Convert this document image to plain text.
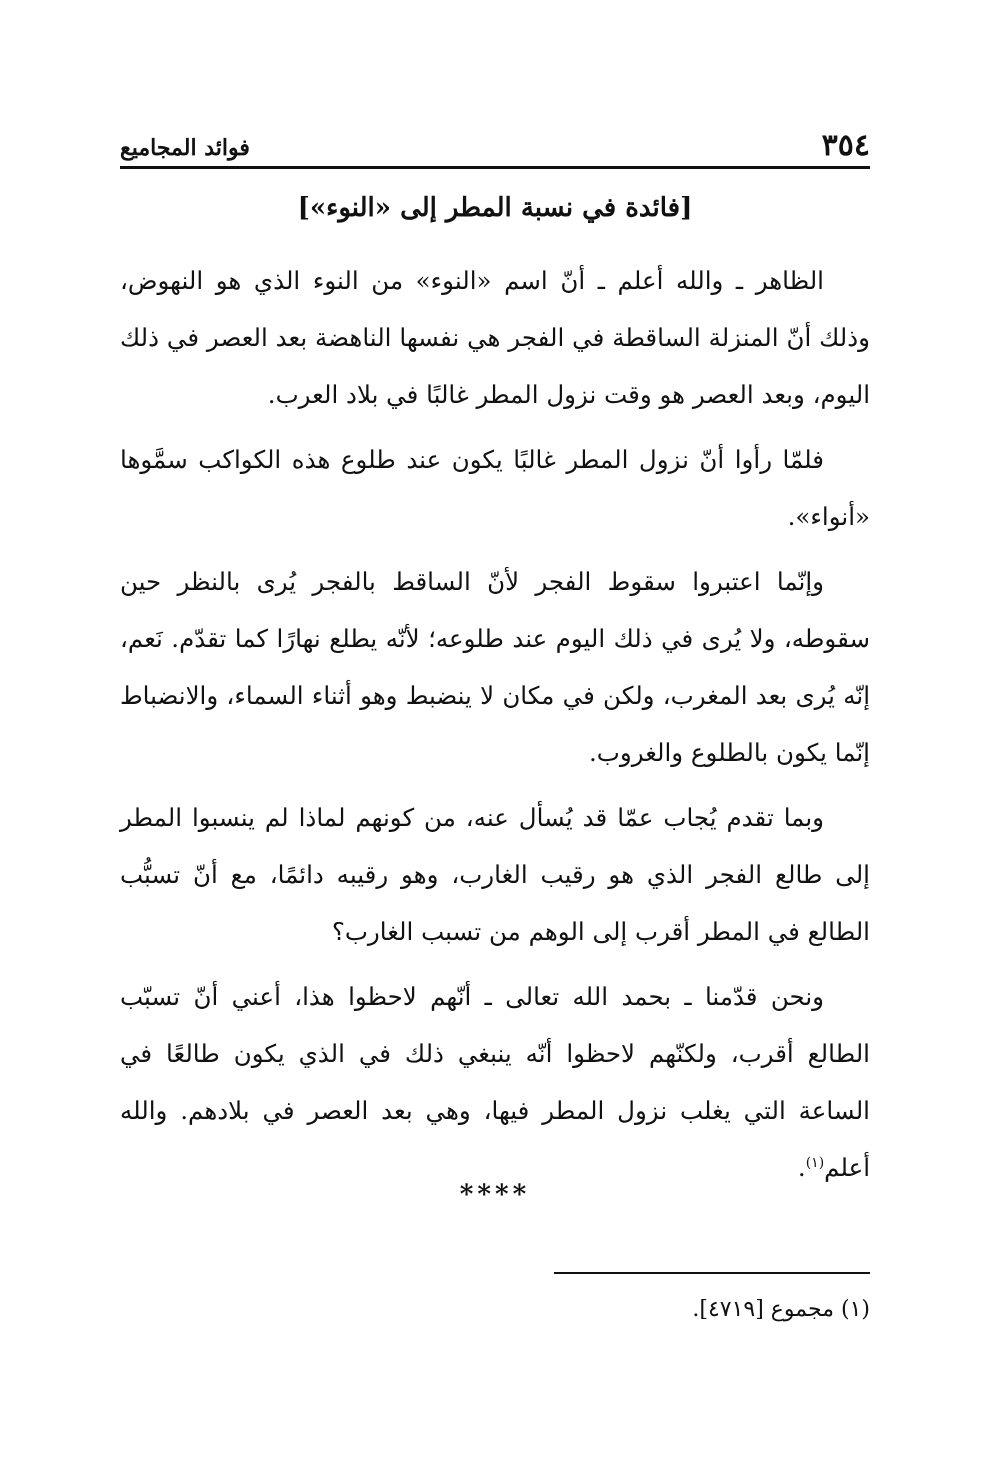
٣٥٤
فوائد المجاميع
[فائدة في نسبة المطر إلى «النوء»]

الظاهر ـ والله أعلم ـ أنّ اسم «النوء» من النوء الذي هو النهوض، وذلك أنّ المنزلة الساقطة في الفجر هي نفسها الناهضة بعد العصر في ذلك اليوم، وبعد العصر هو وقت نزول المطر غالبًا في بلاد العرب.

فلمّا رأوا أنّ نزول المطر غالبًا يكون عند طلوع هذه الكواكب سمَّوها «أنواء».

وإنّما اعتبروا سقوط الفجر لأنّ الساقط بالفجر يُرى بالنظر حين سقوطه، ولا يُرى في ذلك اليوم عند طلوعه؛ لأنّه يطلع نهارًا كما تقدّم. نَعم، إنّه يُرى بعد المغرب، ولكن في مكان لا ينضبط وهو أثناء السماء، والانضباط إنّما يكون بالطلوع والغروب.

وبما تقدم يُجاب عمّا قد يُسأل عنه، من كونهم لماذا لم ينسبوا المطر إلى طالع الفجر الذي هو رقيب الغارب، وهو رقيبه دائمًا، مع أنّ تسبُّب الطالع في المطر أقرب إلى الوهم من تسبب الغارب؟

ونحن قدّمنا ـ بحمد الله تعالى ـ أنّهم لاحظوا هذا، أعني أنّ تسبّب الطالع أقرب، ولكنّهم لاحظوا أنّه ينبغي ذلك في الذي يكون طالعًا في الساعة التي يغلب نزول المطر فيها، وهي بعد العصر في بلادهم. والله أعلم$^{(١)}$.

****
(١) مجموع [٤٧١٩].
